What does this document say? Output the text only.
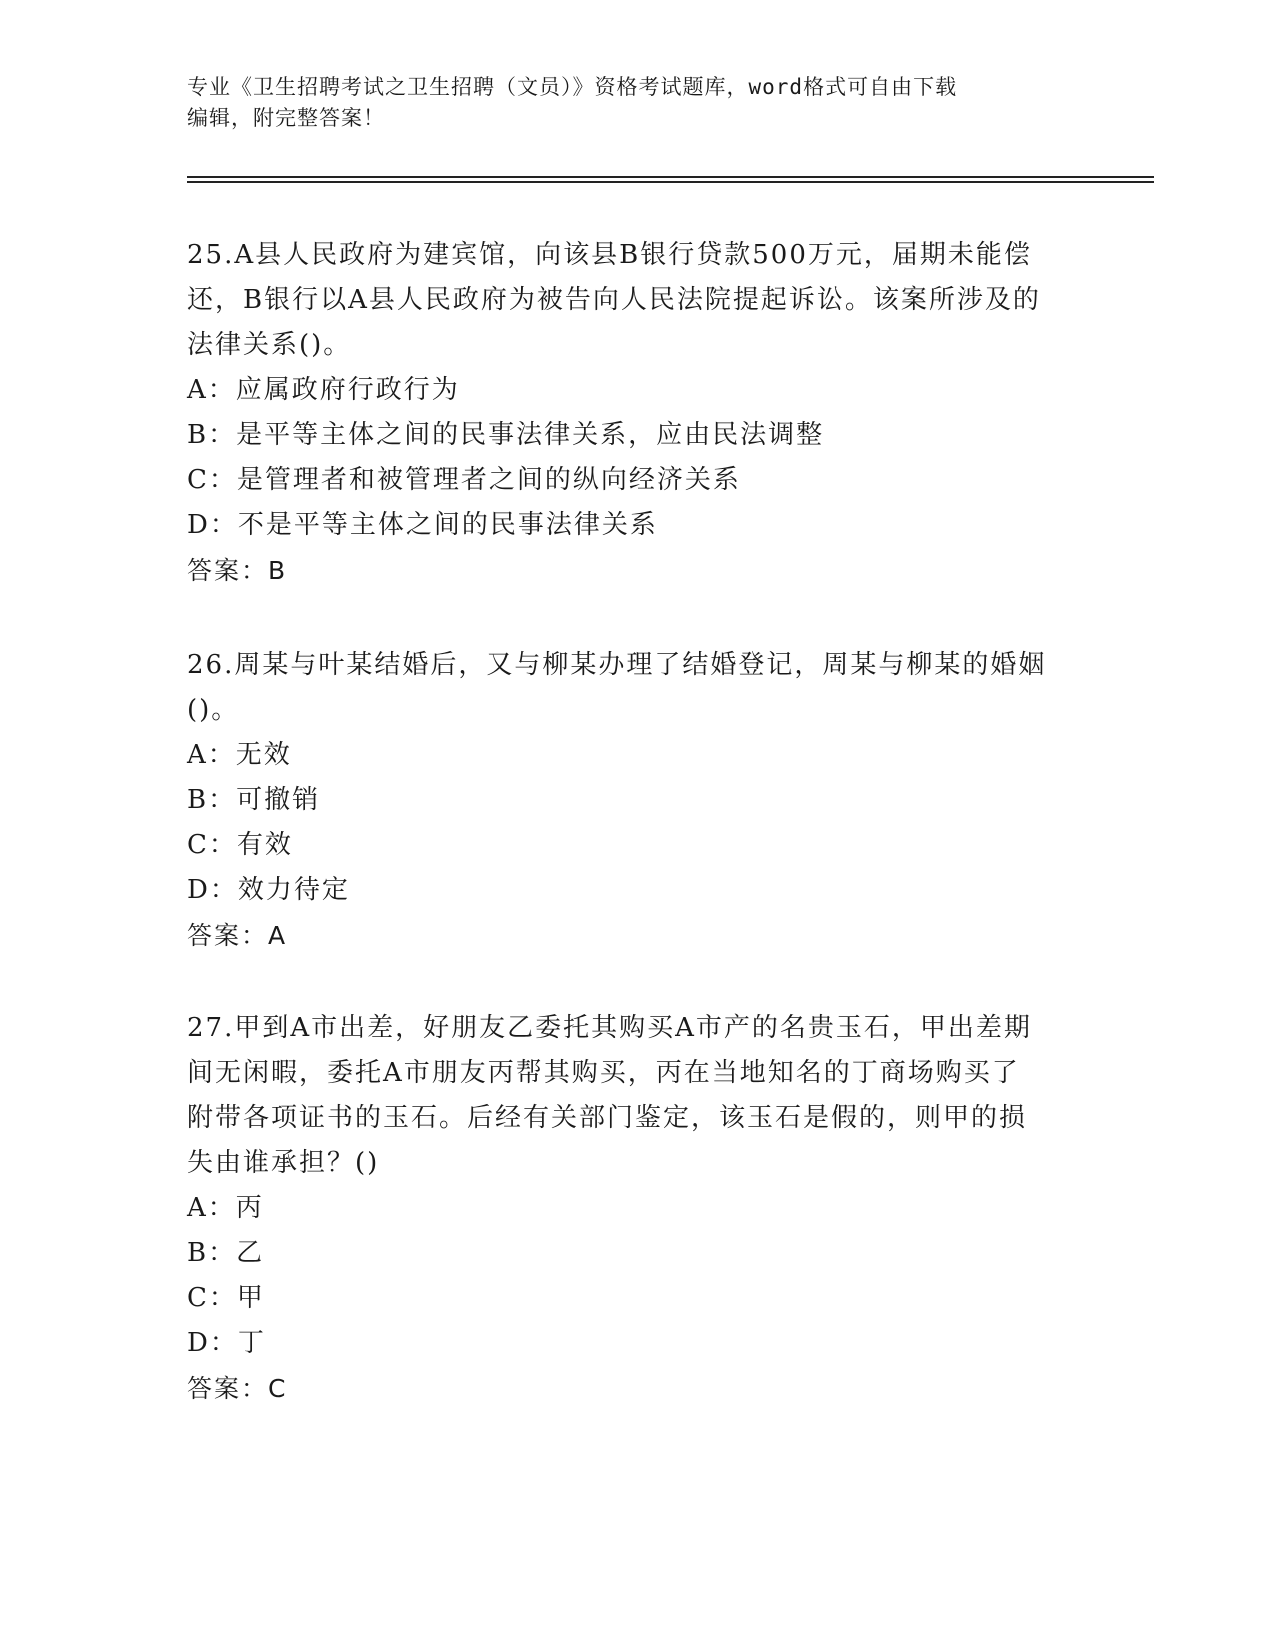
专业《卫生招聘考试之卫生招聘（文员）》资格考试题库，word格式可自由下载
编辑，附完整答案！

25.A县人民政府为建宾馆，向该县B银行贷款500万元，届期未能偿

还，B银行以A县人民政府为被告向人民法院提起诉讼。该案所涉及的

法律关系()。

A：应属政府行政行为

B：是平等主体之间的民事法律关系，应由民法调整

C：是管理者和被管理者之间的纵向经济关系

D：不是平等主体之间的民事法律关系

答案：B

26.周某与叶某结婚后，又与柳某办理了结婚登记，周某与柳某的婚姻

()。

A：无效

B：可撤销

C：有效

D：效力待定

答案：A

27.甲到A市出差，好朋友乙委托其购买A市产的名贵玉石，甲出差期

间无闲暇，委托A市朋友丙帮其购买，丙在当地知名的丁商场购买了

附带各项证书的玉石。后经有关部门鉴定，该玉石是假的，则甲的损

失由谁承担？()

A：丙

B：乙

C：甲

D：丁

答案：C
